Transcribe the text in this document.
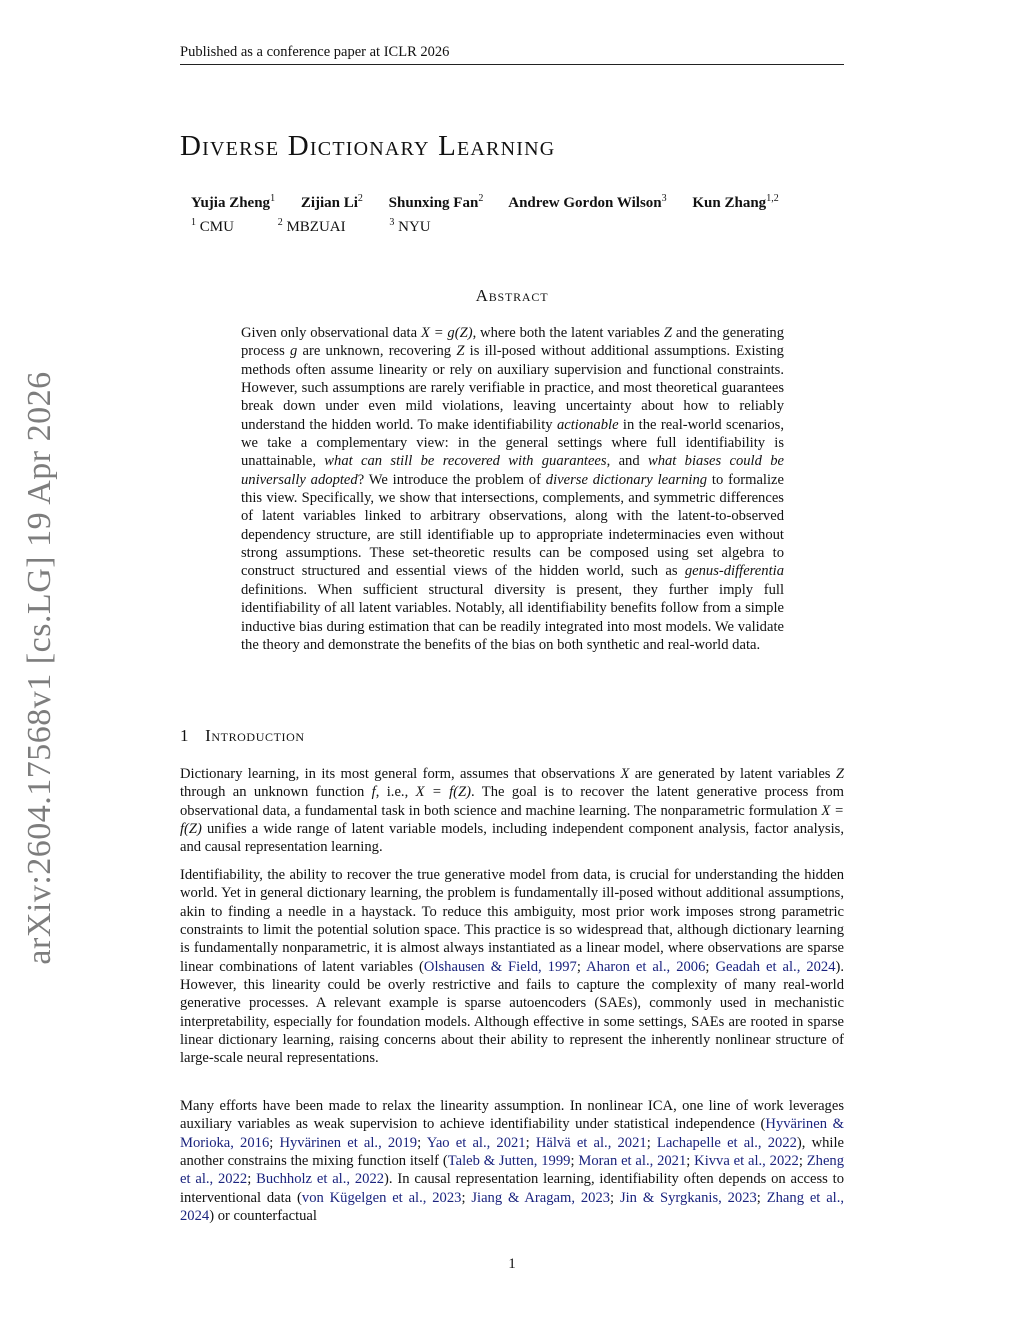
Published as a conference paper at ICLR 2026
arXiv:2604.17568v1 [cs.LG] 19 Apr 2026
Diverse Dictionary Learning
Yujia Zheng$^1$ Zijian Li$^2$ Shunxing Fan$^2$ Andrew Gordon Wilson$^3$ Kun Zhang$^{1,2}$
$^1$ CMU	$^2$ MBZUAI	$^3$ NYU
Abstract
Given only observational data X = g(Z), where both the latent variables Z and the generating process g are unknown, recovering Z is ill-posed without additional assumptions. Existing methods often assume linearity or rely on auxiliary supervision and functional constraints. However, such assumptions are rarely verifiable in practice, and most theoretical guarantees break down under even mild violations, leaving uncertainty about how to reliably understand the hidden world. To make identifiability actionable in the real-world scenarios, we take a complementary view: in the general settings where full identifiability is unattainable, what can still be recovered with guarantees, and what biases could be universally adopted? We introduce the problem of diverse dictionary learning to formalize this view. Specifically, we show that intersections, complements, and symmetric differences of latent variables linked to arbitrary observations, along with the latent-to-observed dependency structure, are still identifiable up to appropriate indeterminacies even without strong assumptions. These set-theoretic results can be composed using set algebra to construct structured and essential views of the hidden world, such as genus-differentia definitions. When sufficient structural diversity is present, they further imply full identifiability of all latent variables. Notably, all identifiability benefits follow from a simple inductive bias during estimation that can be readily integrated into most models. We validate the theory and demonstrate the benefits of the bias on both synthetic and real-world data.
1 Introduction
Dictionary learning, in its most general form, assumes that observations X are generated by latent variables Z through an unknown function f, i.e., X = f(Z). The goal is to recover the latent generative process from observational data, a fundamental task in both science and machine learning. The nonparametric formulation X = f(Z) unifies a wide range of latent variable models, including independent component analysis, factor analysis, and causal representation learning.
Identifiability, the ability to recover the true generative model from data, is crucial for understanding the hidden world. Yet in general dictionary learning, the problem is fundamentally ill-posed without additional assumptions, akin to finding a needle in a haystack. To reduce this ambiguity, most prior work imposes strong parametric constraints to limit the potential solution space. This practice is so widespread that, although dictionary learning is fundamentally nonparametric, it is almost always instantiated as a linear model, where observations are sparse linear combinations of latent variables (Olshausen & Field, 1997; Aharon et al., 2006; Geadah et al., 2024). However, this linearity could be overly restrictive and fails to capture the complexity of many real-world generative processes. A relevant example is sparse autoencoders (SAEs), commonly used in mechanistic interpretability, especially for foundation models. Although effective in some settings, SAEs are rooted in sparse linear dictionary learning, raising concerns about their ability to represent the inherently nonlinear structure of large-scale neural representations.
Many efforts have been made to relax the linearity assumption. In nonlinear ICA, one line of work leverages auxiliary variables as weak supervision to achieve identifiability under statistical independence (Hyvärinen & Morioka, 2016; Hyvärinen et al., 2019; Yao et al., 2021; Hälvä et al., 2021; Lachapelle et al., 2022), while another constrains the mixing function itself (Taleb & Jutten, 1999; Moran et al., 2021; Kivva et al., 2022; Zheng et al., 2022; Buchholz et al., 2022). In causal representation learning, identifiability often depends on access to interventional data (von Kügelgen et al., 2023; Jiang & Aragam, 2023; Jin & Syrgkanis, 2023; Zhang et al., 2024) or counterfactual
1
